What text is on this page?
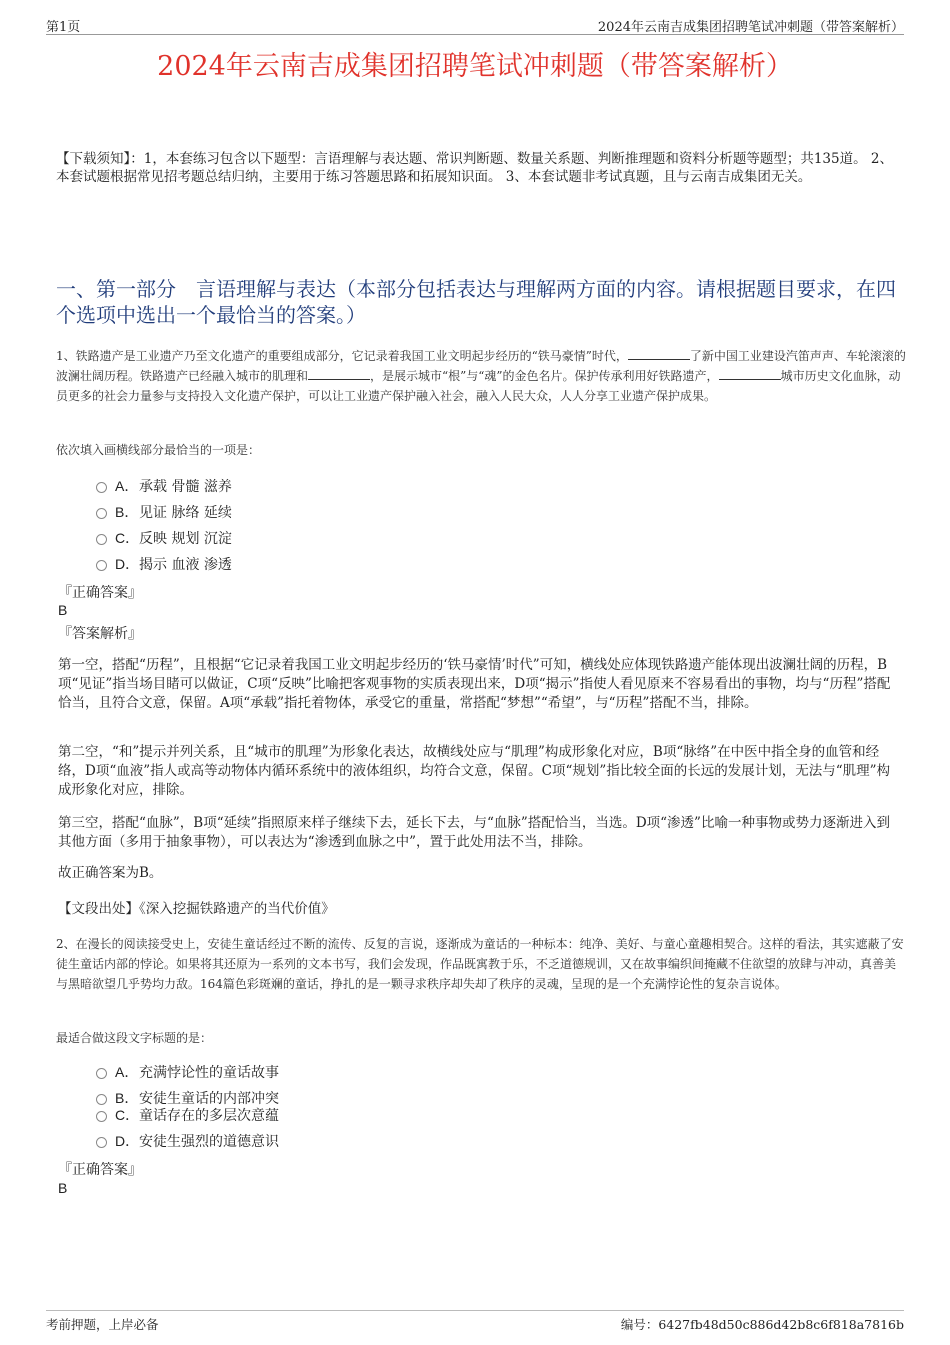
第1页	2024年云南吉成集团招聘笔试冲刺题（带答案解析）
2024年云南吉成集团招聘笔试冲刺题（带答案解析）
【下载须知】：1，本套练习包含以下题型：言语理解与表达题、常识判断题、数量关系题、判断推理题和资料分析题等题型；共135道。 2、本套试题根据常见招考题总结归纳，主要用于练习答题思路和拓展知识面。 3、本套试题非考试真题，且与云南吉成集团无关。
一、第一部分　言语理解与表达（本部分包括表达与理解两方面的内容。请根据题目要求，在四个选项中选出一个最恰当的答案。）
1、铁路遗产是工业遗产乃至文化遗产的重要组成部分，它记录着我国工业文明起步经历的“铁马豪情”时代，	了新中国工业建设汽笛声声、车轮滚滚的波澜壮阔历程。铁路遗产已经融入城市的肌理和	，是展示城市“根”与“魂”的金色名片。保护传承利用好铁路遗产，	城市历史文化血脉，动员更多的社会力量参与支持投入文化遗产保护，可以让工业遗产保护融入社会，融入人民大众，人人分享工业遗产保护成果。
依次填入画横线部分最恰当的一项是：
A．承载 骨髓 滋养
B．见证 脉络 延续
C．反映 规划 沉淀
D．揭示 血液 渗透
『正确答案』
B
『答案解析』
第一空，搭配“历程”，且根据“它记录着我国工业文明起步经历的‘铁马豪情’时代”可知，横线处应体现铁路遗产能体现出波澜壮阔的历程，B项“见证”指当场目睹可以做证，C项“反映”比喻把客观事物的实质表现出来，D项“揭示”指使人看见原来不容易看出的事物，均与“历程”搭配恰当，且符合文意，保留。A项“承载”指托着物体，承受它的重量，常搭配“梦想”“希望”，与“历程”搭配不当，排除。
第二空，“和”提示并列关系，且“城市的肌理”为形象化表达，故横线处应与“肌理”构成形象化对应，B项“脉络”在中医中指全身的血管和经络，D项“血液”指人或高等动物体内循环系统中的液体组织，均符合文意，保留。C项“规划”指比较全面的长远的发展计划，无法与“肌理”构成形象化对应，排除。
第三空，搭配“血脉”，B项“延续”指照原来样子继续下去，延长下去，与“血脉”搭配恰当，当选。D项“渗透”比喻一种事物或势力逐渐进入到其他方面（多用于抽象事物），可以表达为“渗透到血脉之中”，置于此处用法不当，排除。
故正确答案为B。
【文段出处】《深入挖掘铁路遗产的当代价值》
2、在漫长的阅读接受史上，安徒生童话经过不断的流传、反复的言说，逐渐成为童话的一种标本：纯净、美好、与童心童趣相契合。这样的看法，其实遮蔽了安徒生童话内部的悖论。如果将其还原为一系列的文本书写，我们会发现，作品既寓教于乐，不乏道德规训，又在故事编织间掩藏不住欲望的放肆与冲动，真善美与黑暗欲望几乎势均力敌。164篇色彩斑斓的童话，挣扎的是一颗寻求秩序却失却了秩序的灵魂，呈现的是一个充满悖论性的复杂言说体。
最适合做这段文字标题的是：
A．充满悖论性的童话故事
B．安徒生童话的内部冲突
C．童话存在的多层次意蕴
D．安徒生强烈的道德意识
『正确答案』
B
考前押题，上岸必备	编号：6427fb48d50c886d42b8c6f818a7816b
